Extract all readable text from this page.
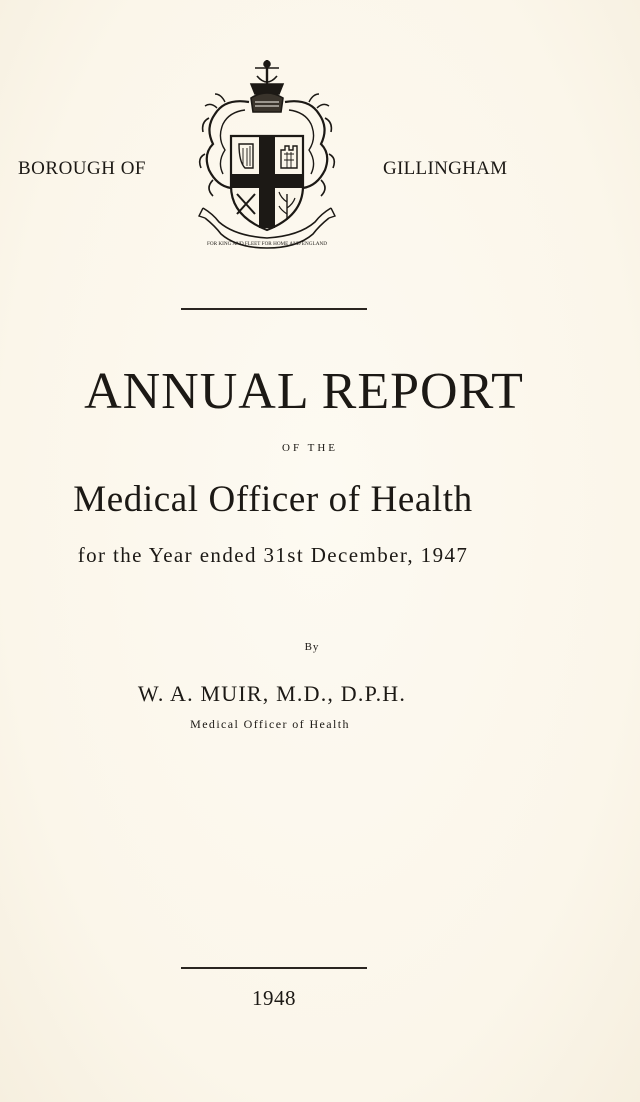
BOROUGH OF
FOR KING AND FLEET FOR HOME AND ENGLAND
GILLINGHAM
ANNUAL REPORT
OF THE
Medical Officer of Health
for the Year ended 31st December, 1947
By
W. A. MUIR, M.D., D.P.H.
Medical Officer of Health
1948
